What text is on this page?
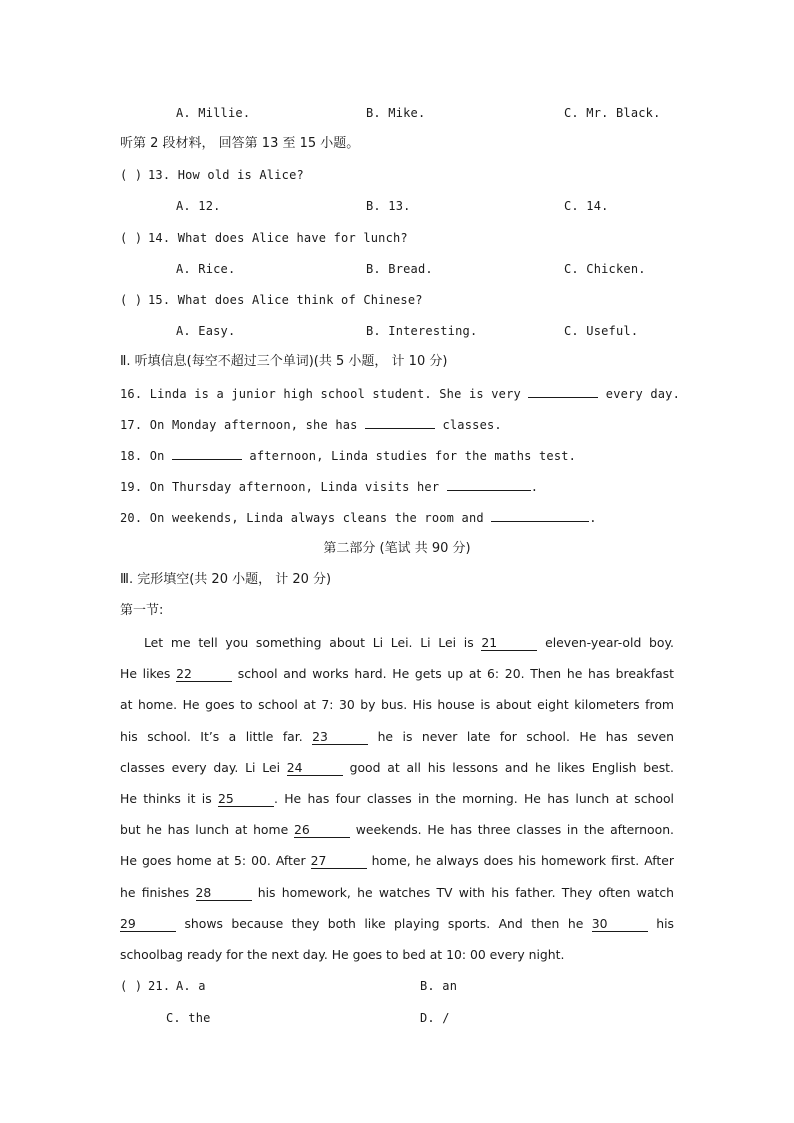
A. Millie.	B. Mike.	C. Mr. Black.
听第 2 段材料， 回答第 13 至 15 小题。
( ) 13. How old is Alice?
A. 12.	B. 13.	C. 14.
( ) 14. What does Alice have for lunch?
A. Rice.	B. Bread.	C. Chicken.
( ) 15. What does Alice think of Chinese?
A. Easy.	B. Interesting.	C. Useful.
Ⅱ. 听填信息(每空不超过三个单词)(共 5 小题， 计 10 分)
16. Linda is a junior high school student. She is very	every day.
17. On Monday afternoon, she has	classes.
18. On	afternoon, Linda studies for the maths test.
19. On Thursday afternoon, Linda visits her	.
20. On weekends, Linda always cleans the room and	.
第二部分 (笔试 共 90 分)
Ⅲ. 完形填空(共 20 小题， 计 20 分)
第一节:
Let me tell you something about Li Lei. Li Lei is 21	eleven-year-old boy.
He likes 22	school and works hard. He gets up at 6: 20. Then he has breakfast
at home. He goes to school at 7: 30 by bus. His house is about eight kilometers from
his school. It’s a little far. 23	he is never late for school. He has seven
classes every day. Li Lei 24	good at all his lessons and he likes English best.
He thinks it is 25	. He has four classes in the morning. He has lunch at school
but he has lunch at home 26	weekends. He has three classes in the afternoon.
He goes home at 5: 00. After 27	home, he always does his homework first. After
he finishes 28	his homework, he watches TV with his father. They often watch
29	shows because they both like playing sports. And then he 30	his
schoolbag ready for the next day. He goes to bed at 10: 00 every night.
( ) 21. A. a	B. an
C. the	D. /
